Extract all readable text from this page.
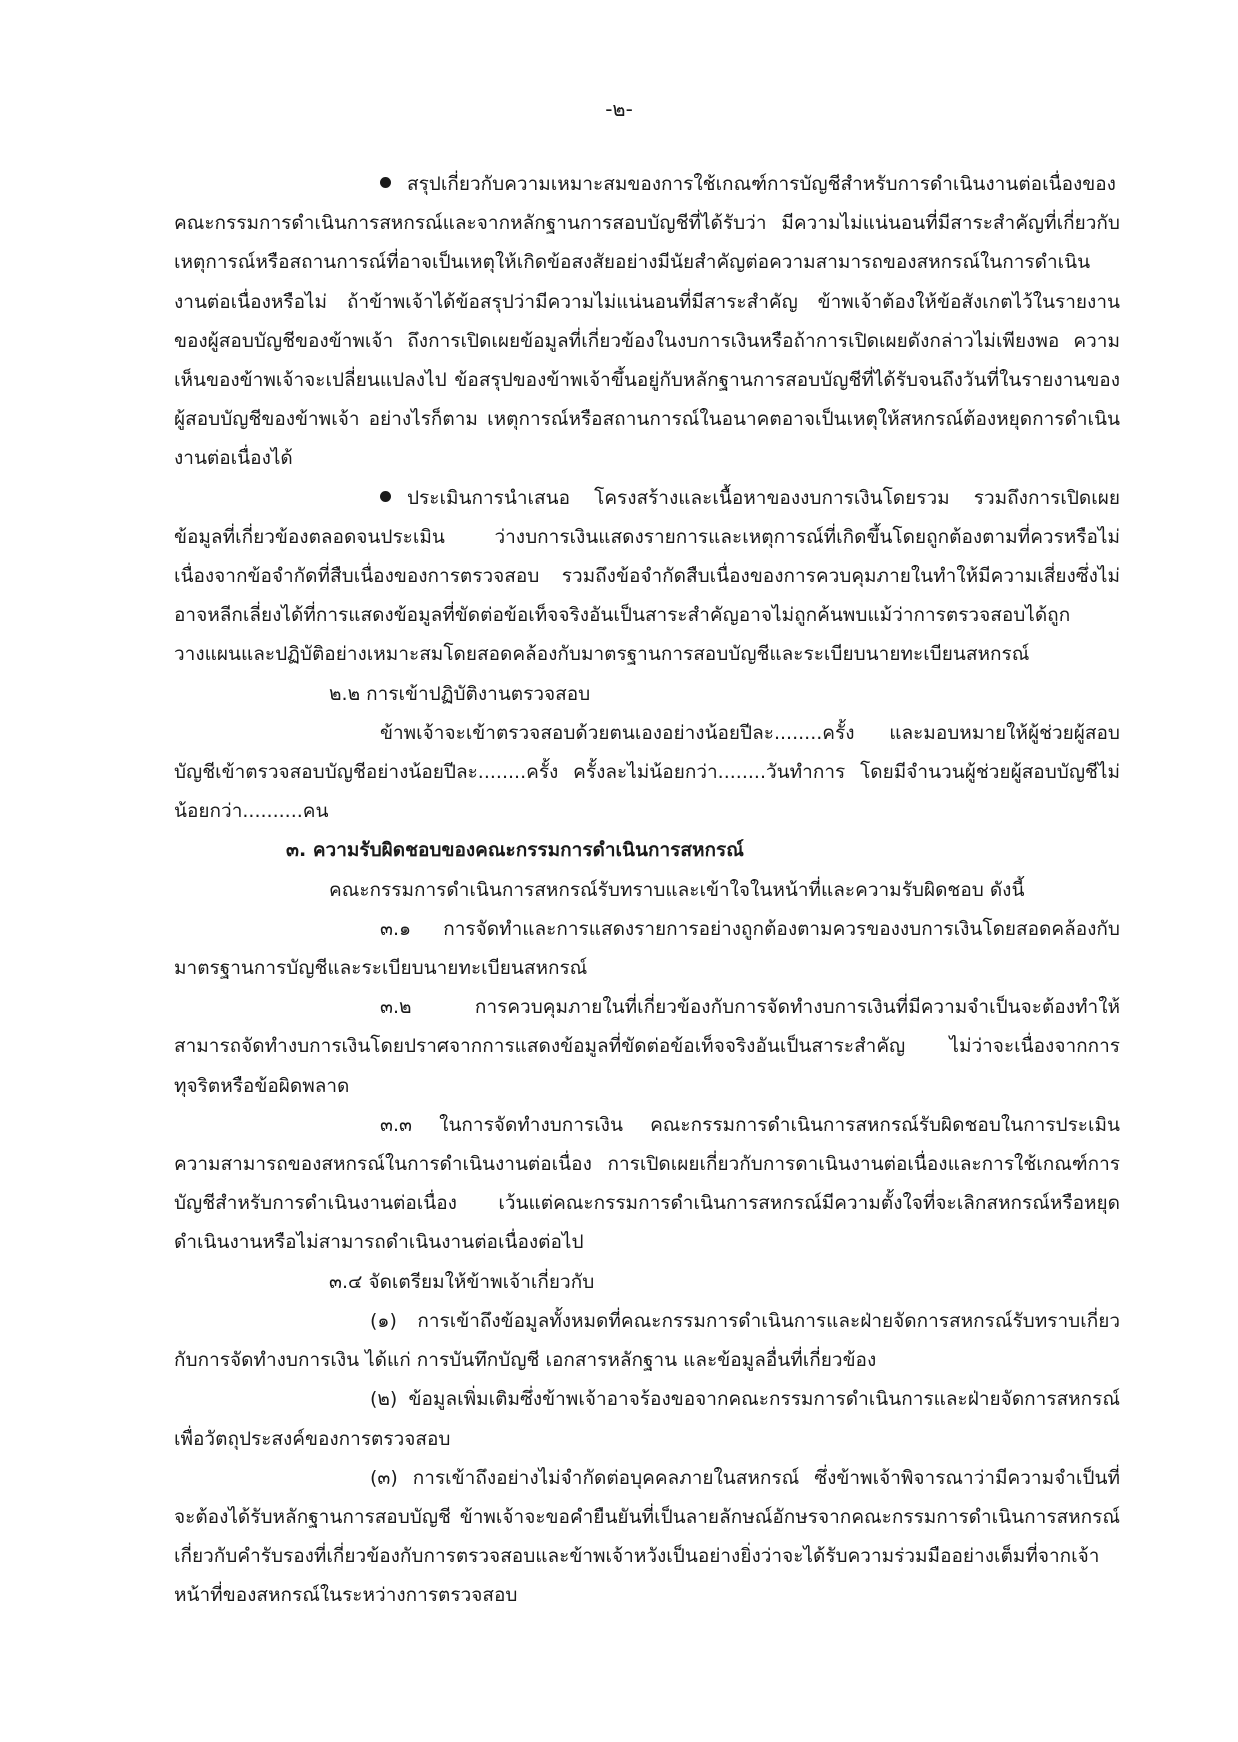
-๒-

สรุปเกี่ยวกับความเหมาะสมของการใช้เกณฑ์การบัญชีสำหรับการดำเนินงานต่อเนื่องของคณะกรรมการดำเนินการสหกรณ์และจากหลักฐานการสอบบัญชีที่ได้รับว่า มีความไม่แน่นอนที่มีสาระสำคัญที่เกี่ยวกับเหตุการณ์หรือสถานการณ์ที่อาจเป็นเหตุให้เกิดข้อสงสัยอย่างมีนัยสำคัญต่อความสามารถของสหกรณ์ในการดำเนินงานต่อเนื่องหรือไม่ ถ้าข้าพเจ้าได้ข้อสรุปว่ามีความไม่แน่นอนที่มีสาระสำคัญ ข้าพเจ้าต้องให้ข้อสังเกตไว้ในรายงานของผู้สอบบัญชีของข้าพเจ้า ถึงการเปิดเผยข้อมูลที่เกี่ยวข้องในงบการเงินหรือถ้าการเปิดเผยดังกล่าวไม่เพียงพอ ความเห็นของข้าพเจ้าจะเปลี่ยนแปลงไป ข้อสรุปของข้าพเจ้าขึ้นอยู่กับหลักฐานการสอบบัญชีที่ได้รับจนถึงวันที่ในรายงานของผู้สอบบัญชีของข้าพเจ้า อย่างไรก็ตาม เหตุการณ์หรือสถานการณ์ในอนาคตอาจเป็นเหตุให้สหกรณ์ต้องหยุดการดำเนินงานต่อเนื่องได้

ประเมินการนำเสนอ โครงสร้างและเนื้อหาของงบการเงินโดยรวม รวมถึงการเปิดเผยข้อมูลที่เกี่ยวข้องตลอดจนประเมิน ว่างบการเงินแสดงรายการและเหตุการณ์ที่เกิดขึ้นโดยถูกต้องตามที่ควรหรือไม่เนื่องจากข้อจำกัดที่สืบเนื่องของการตรวจสอบ รวมถึงข้อจำกัดสืบเนื่องของการควบคุมภายในทำให้มีความเสี่ยงซึ่งไม่อาจหลีกเลี่ยงได้ที่การแสดงข้อมูลที่ขัดต่อข้อเท็จจริงอันเป็นสาระสำคัญอาจไม่ถูกค้นพบแม้ว่าการตรวจสอบได้ถูกวางแผนและปฏิบัติอย่างเหมาะสมโดยสอดคล้องกับมาตรฐานการสอบบัญชีและระเบียบนายทะเบียนสหกรณ์

๒.๒ การเข้าปฏิบัติงานตรวจสอบ

ข้าพเจ้าจะเข้าตรวจสอบด้วยตนเองอย่างน้อยปีละ........ครั้ง และมอบหมายให้ผู้ช่วยผู้สอบบัญชีเข้าตรวจสอบบัญชีอย่างน้อยปีละ........ครั้ง ครั้งละไม่น้อยกว่า........วันทำการ โดยมีจำนวนผู้ช่วยผู้สอบบัญชีไม่น้อยกว่า..........คน

๓. ความรับผิดชอบของคณะกรรมการดำเนินการสหกรณ์

คณะกรรมการดำเนินการสหกรณ์รับทราบและเข้าใจในหน้าที่และความรับผิดชอบ ดังนี้

๓.๑ การจัดทำและการแสดงรายการอย่างถูกต้องตามควรของงบการเงินโดยสอดคล้องกับมาตรฐานการบัญชีและระเบียบนายทะเบียนสหกรณ์

๓.๒ การควบคุมภายในที่เกี่ยวข้องกับการจัดทำงบการเงินที่มีความจำเป็นจะต้องทำให้สามารถจัดทำงบการเงินโดยปราศจากการแสดงข้อมูลที่ขัดต่อข้อเท็จจริงอันเป็นสาระสำคัญ ไม่ว่าจะเนื่องจากการทุจริตหรือข้อผิดพลาด

๓.๓ ในการจัดทำงบการเงิน คณะกรรมการดำเนินการสหกรณ์รับผิดชอบในการประเมินความสามารถของสหกรณ์ในการดำเนินงานต่อเนื่อง การเปิดเผยเกี่ยวกับการดาเนินงานต่อเนื่องและการใช้เกณฑ์การบัญชีสำหรับการดำเนินงานต่อเนื่อง เว้นแต่คณะกรรมการดำเนินการสหกรณ์มีความตั้งใจที่จะเลิกสหกรณ์หรือหยุดดำเนินงานหรือไม่สามารถดำเนินงานต่อเนื่องต่อไป

๓.๔ จัดเตรียมให้ข้าพเจ้าเกี่ยวกับ

(๑) การเข้าถึงข้อมูลทั้งหมดที่คณะกรรมการดำเนินการและฝ่ายจัดการสหกรณ์รับทราบเกี่ยวกับการจัดทำงบการเงิน ได้แก่ การบันทึกบัญชี เอกสารหลักฐาน และข้อมูลอื่นที่เกี่ยวข้อง

(๒) ข้อมูลเพิ่มเติมซึ่งข้าพเจ้าอาจร้องขอจากคณะกรรมการดำเนินการและฝ่ายจัดการสหกรณ์เพื่อวัตถุประสงค์ของการตรวจสอบ

(๓) การเข้าถึงอย่างไม่จำกัดต่อบุคคลภายในสหกรณ์ ซึ่งข้าพเจ้าพิจารณาว่ามีความจำเป็นที่จะต้องได้รับหลักฐานการสอบบัญชี ข้าพเจ้าจะขอคำยืนยันที่เป็นลายลักษณ์อักษรจากคณะกรรมการดำเนินการสหกรณ์เกี่ยวกับคำรับรองที่เกี่ยวข้องกับการตรวจสอบและข้าพเจ้าหวังเป็นอย่างยิ่งว่าจะได้รับความร่วมมืออย่างเต็มที่จากเจ้าหน้าที่ของสหกรณ์ในระหว่างการตรวจสอบ
